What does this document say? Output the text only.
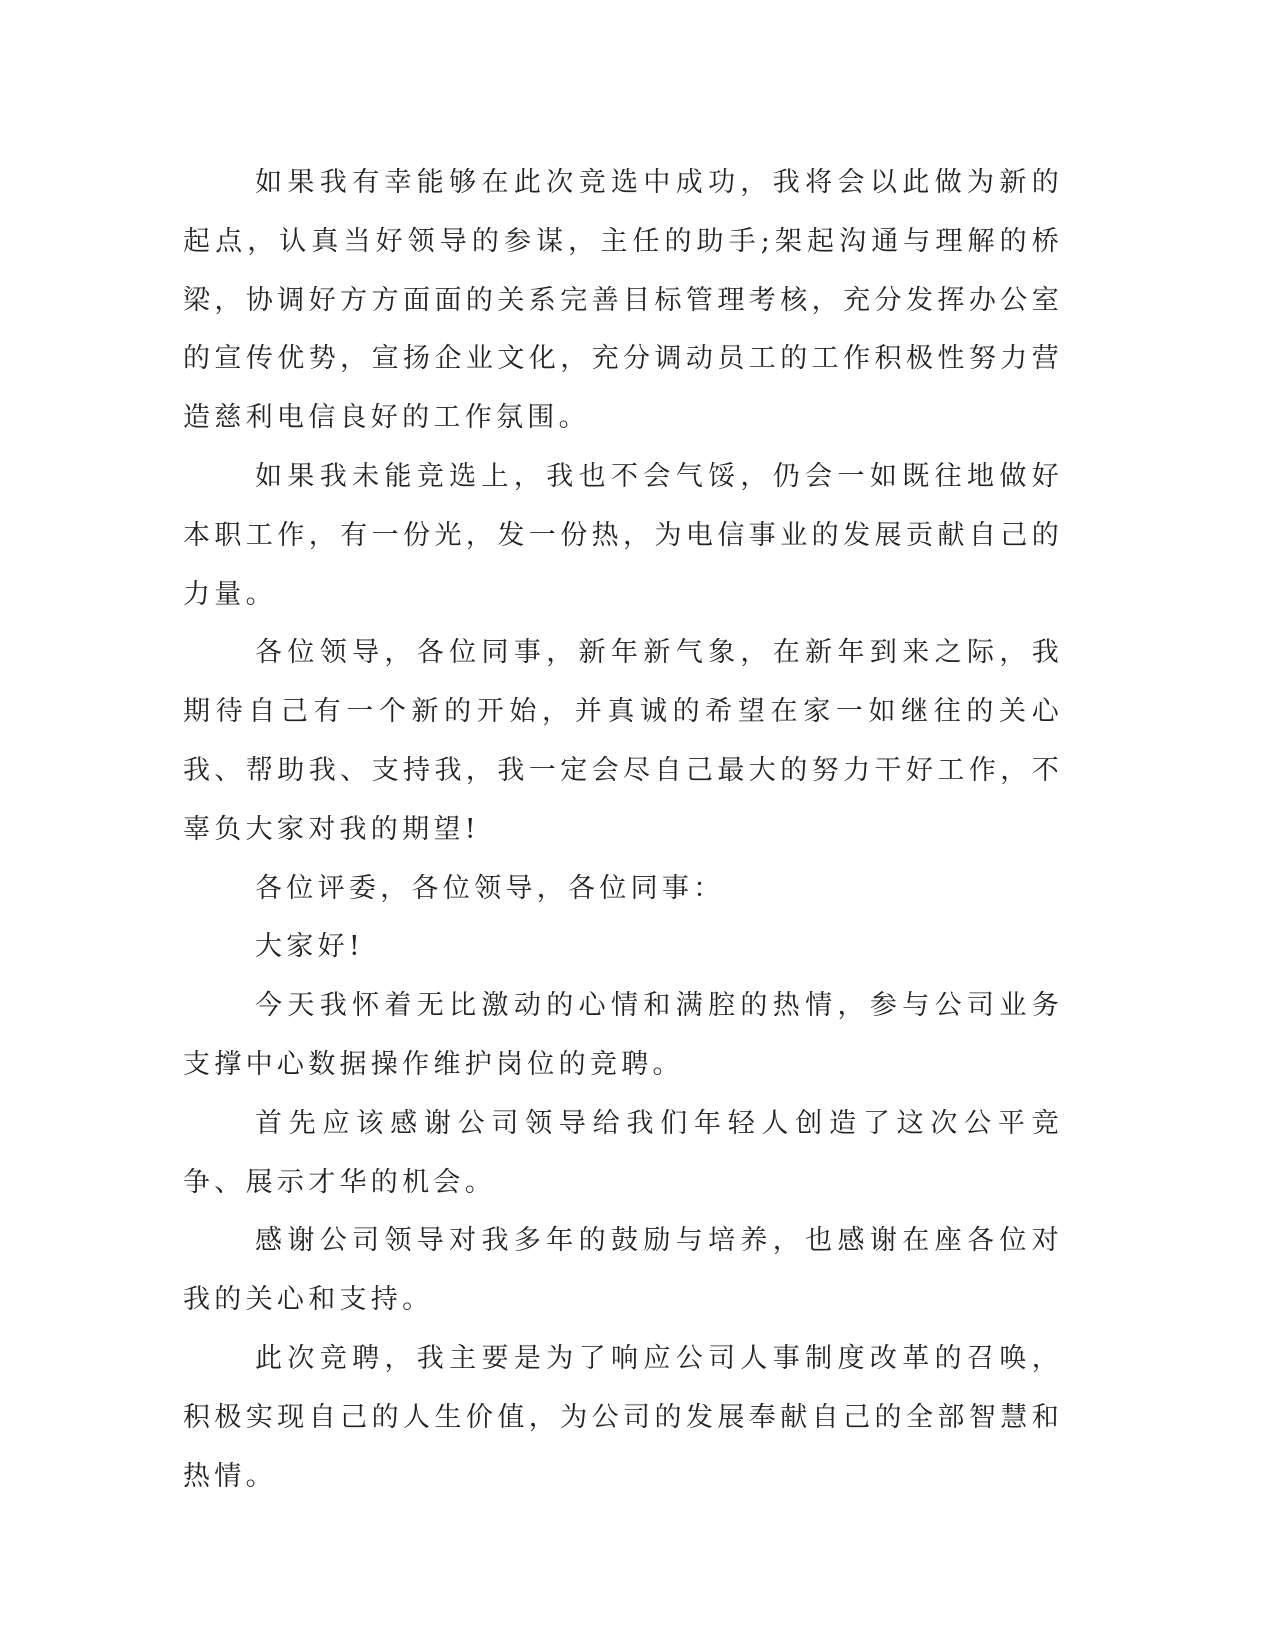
如果我有幸能够在此次竞选中成功，我将会以此做为新的起点，认真当好领导的参谋，主任的助手;架起沟通与理解的桥梁，协调好方方面面的关系完善目标管理考核，充分发挥办公室的宣传优势，宣扬企业文化，充分调动员工的工作积极性努力营造慈利电信良好的工作氛围。

如果我未能竞选上，我也不会气馁，仍会一如既往地做好本职工作，有一份光，发一份热，为电信事业的发展贡献自己的力量。

各位领导，各位同事，新年新气象，在新年到来之际，我期待自己有一个新的开始，并真诚的希望在家一如继往的关心我、帮助我、支持我，我一定会尽自己最大的努力干好工作，不辜负大家对我的期望!

各位评委，各位领导，各位同事：

大家好!

今天我怀着无比激动的心情和满腔的热情，参与公司业务支撑中心数据操作维护岗位的竞聘。

首先应该感谢公司领导给我们年轻人创造了这次公平竞争、展示才华的机会。

感谢公司领导对我多年的鼓励与培养，也感谢在座各位对我的关心和支持。

此次竞聘，我主要是为了响应公司人事制度改革的召唤，积极实现自己的人生价值，为公司的发展奉献自己的全部智慧和热情。
